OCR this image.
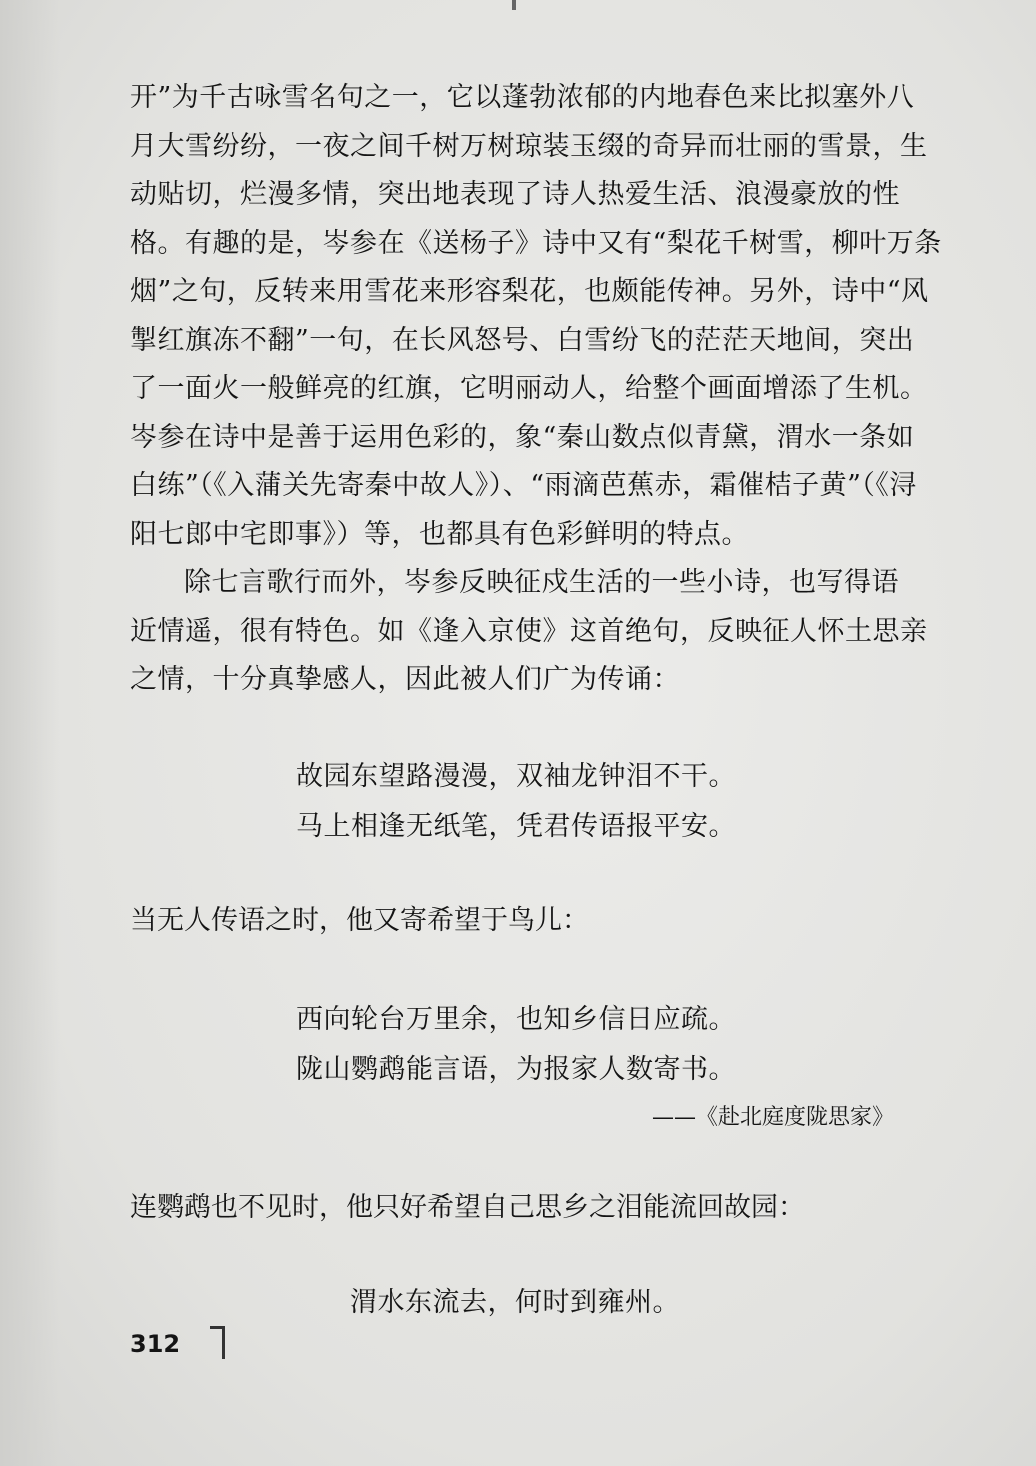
开”为千古咏雪名句之一，它以蓬勃浓郁的内地春色来比拟塞外八
月大雪纷纷，一夜之间千树万树琼装玉缀的奇异而壮丽的雪景，生
动贴切，烂漫多情，突出地表现了诗人热爱生活、浪漫豪放的性
格。有趣的是，岑参在《送杨子》诗中又有“梨花千树雪，柳叶万条
烟”之句，反转来用雪花来形容梨花，也颇能传神。另外，诗中“风
掣红旗冻不翻”一句，在长风怒号、白雪纷飞的茫茫天地间，突出
了一面火一般鲜亮的红旗，它明丽动人，给整个画面增添了生机。
岑参在诗中是善于运用色彩的，象“秦山数点似青黛，渭水一条如
白练”（《入蒲关先寄秦中故人》）、“雨滴芭蕉赤，霜催桔子黄”（《浔
阳七郎中宅即事》）等，也都具有色彩鲜明的特点。
除七言歌行而外，岑参反映征戍生活的一些小诗，也写得语
近情遥，很有特色。如《逢入京使》这首绝句，反映征人怀土思亲
之情，十分真挚感人，因此被人们广为传诵：
故园东望路漫漫，双袖龙钟泪不干。
马上相逢无纸笔，凭君传语报平安。
当无人传语之时，他又寄希望于鸟儿：
西向轮台万里余，也知乡信日应疏。
陇山鹦鹉能言语，为报家人数寄书。
——《赴北庭度陇思家》
连鹦鹉也不见时，他只好希望自己思乡之泪能流回故园：
渭水东流去，何时到雍州。
312
